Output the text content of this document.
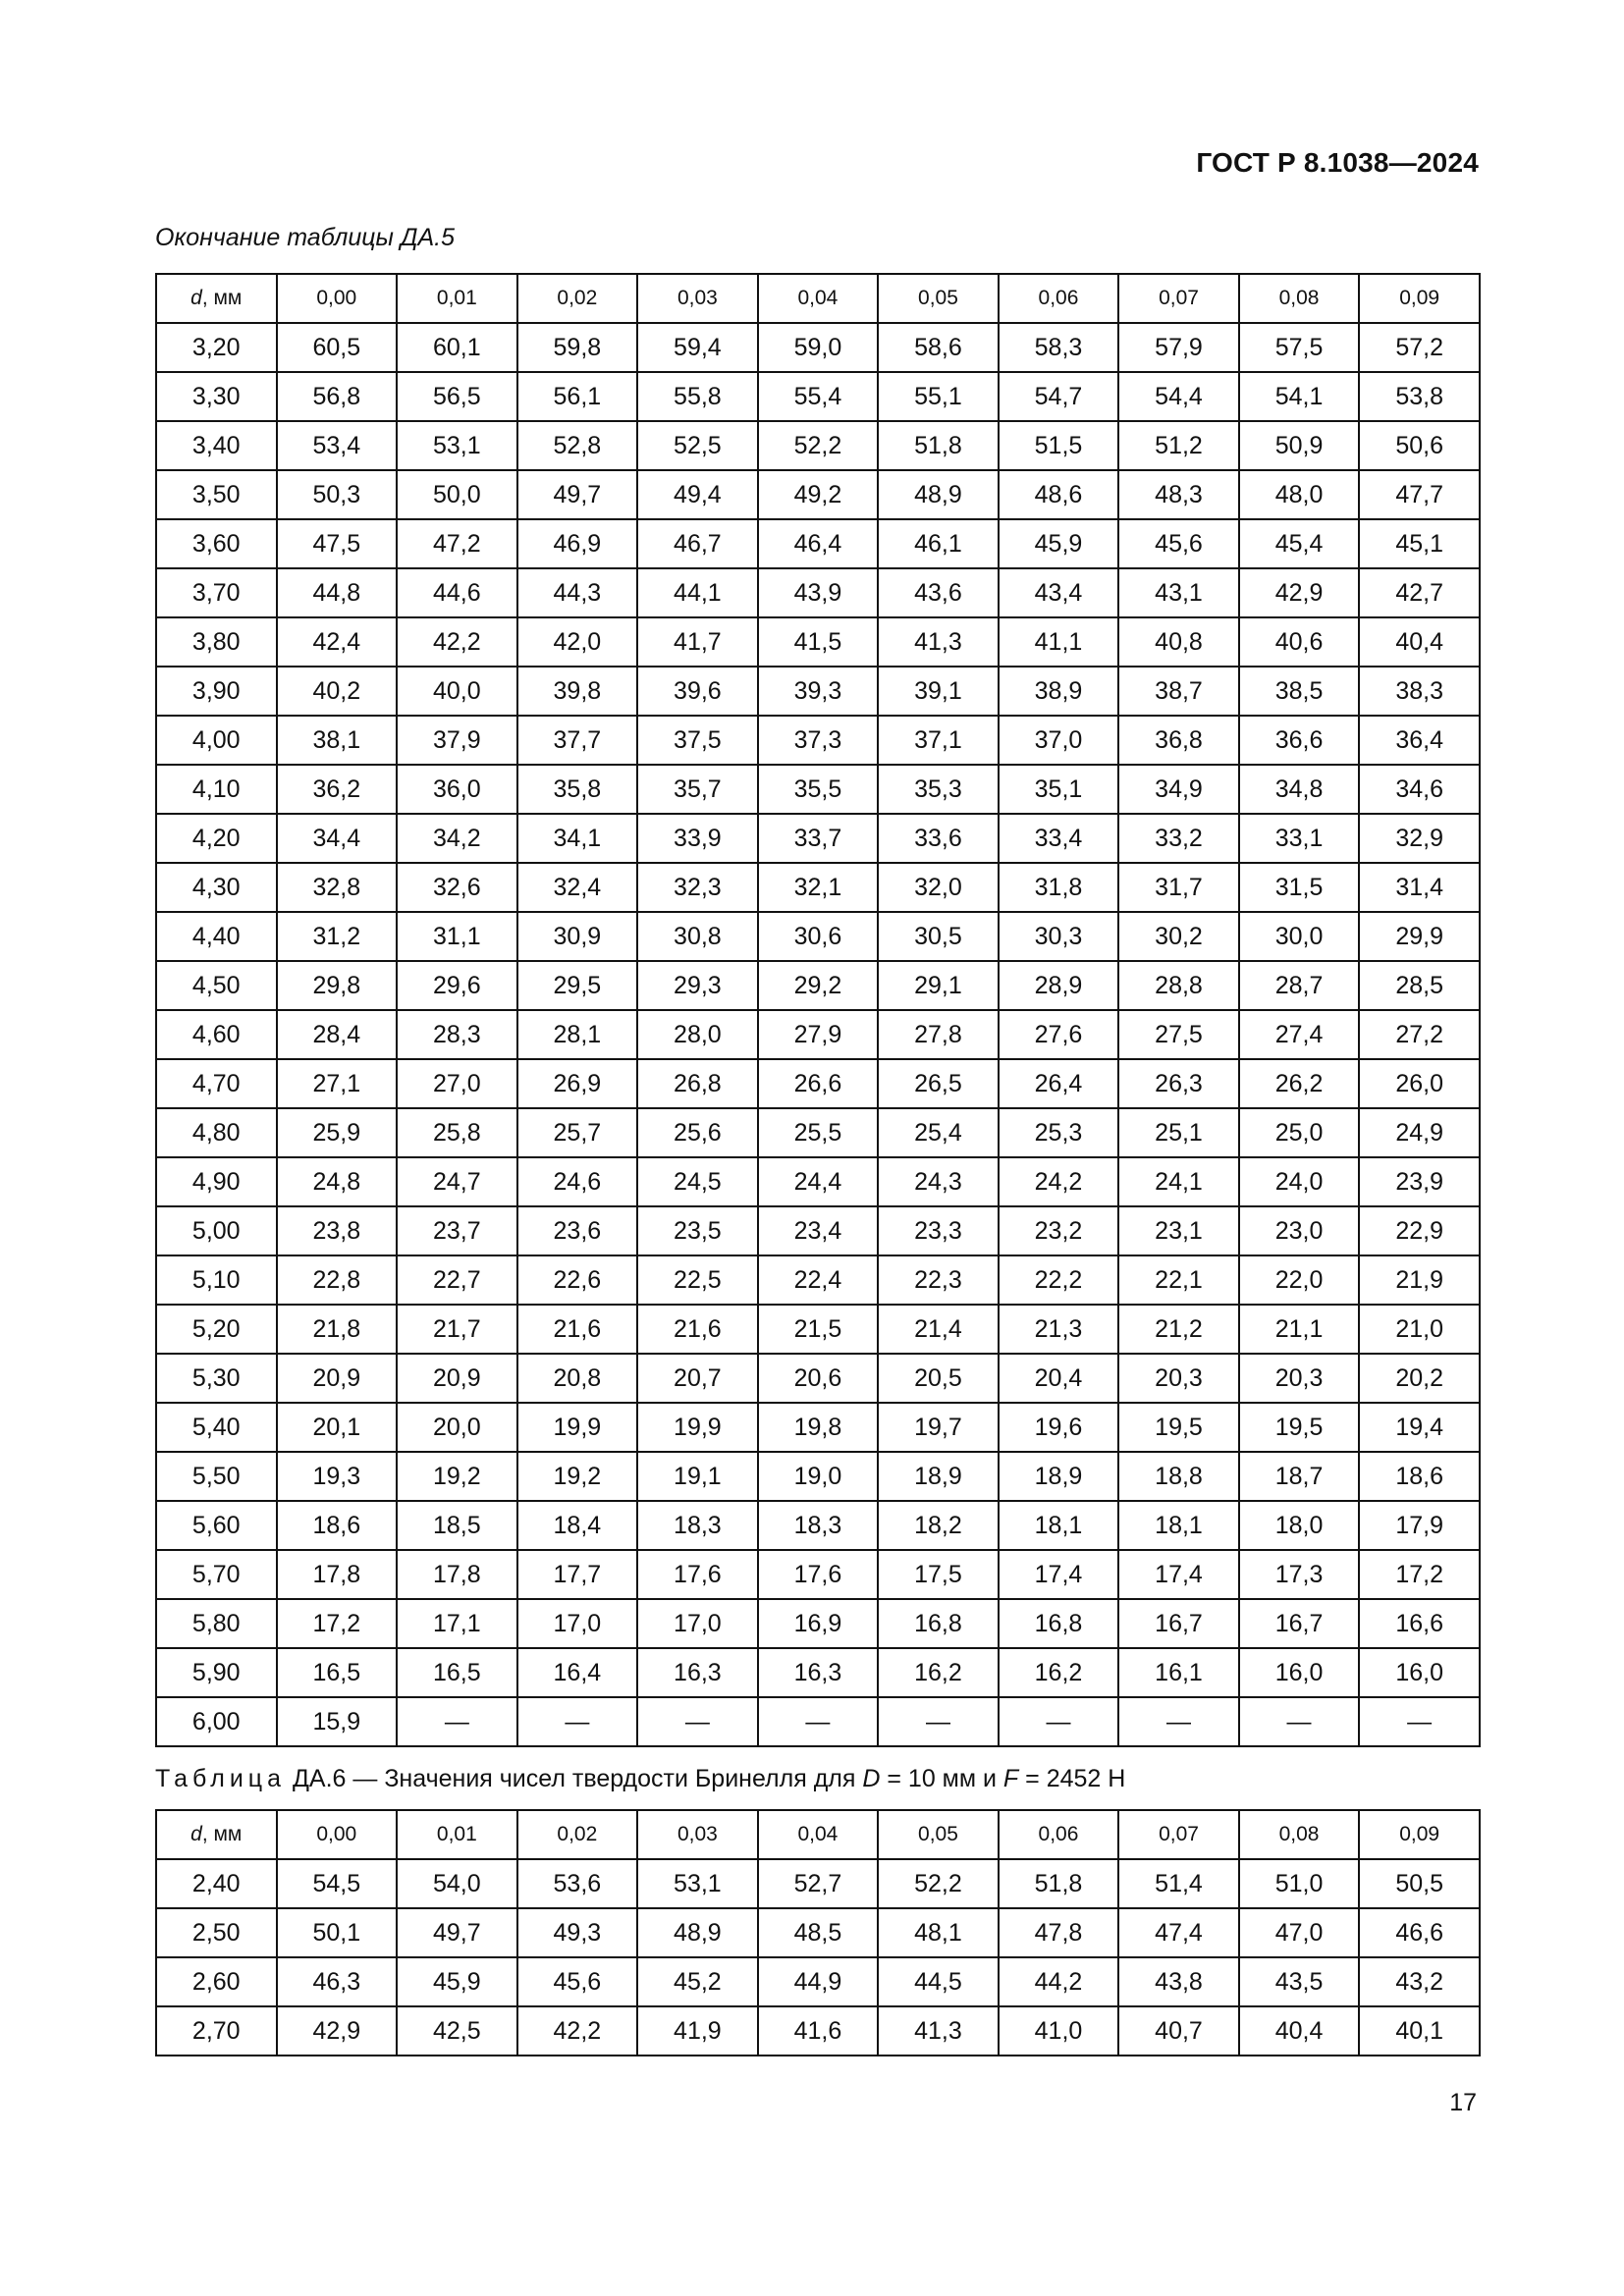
ГОСТ Р 8.1038—2024

Окончание таблицы ДА.5

d, мм	0,00	0,01	0,02	0,03	0,04	0,05	0,06	0,07	0,08	0,09
3,20	60,5	60,1	59,8	59,4	59,0	58,6	58,3	57,9	57,5	57,2
3,30	56,8	56,5	56,1	55,8	55,4	55,1	54,7	54,4	54,1	53,8
3,40	53,4	53,1	52,8	52,5	52,2	51,8	51,5	51,2	50,9	50,6
3,50	50,3	50,0	49,7	49,4	49,2	48,9	48,6	48,3	48,0	47,7
3,60	47,5	47,2	46,9	46,7	46,4	46,1	45,9	45,6	45,4	45,1
3,70	44,8	44,6	44,3	44,1	43,9	43,6	43,4	43,1	42,9	42,7
3,80	42,4	42,2	42,0	41,7	41,5	41,3	41,1	40,8	40,6	40,4
3,90	40,2	40,0	39,8	39,6	39,3	39,1	38,9	38,7	38,5	38,3
4,00	38,1	37,9	37,7	37,5	37,3	37,1	37,0	36,8	36,6	36,4
4,10	36,2	36,0	35,8	35,7	35,5	35,3	35,1	34,9	34,8	34,6
4,20	34,4	34,2	34,1	33,9	33,7	33,6	33,4	33,2	33,1	32,9
4,30	32,8	32,6	32,4	32,3	32,1	32,0	31,8	31,7	31,5	31,4
4,40	31,2	31,1	30,9	30,8	30,6	30,5	30,3	30,2	30,0	29,9
4,50	29,8	29,6	29,5	29,3	29,2	29,1	28,9	28,8	28,7	28,5
4,60	28,4	28,3	28,1	28,0	27,9	27,8	27,6	27,5	27,4	27,2
4,70	27,1	27,0	26,9	26,8	26,6	26,5	26,4	26,3	26,2	26,0
4,80	25,9	25,8	25,7	25,6	25,5	25,4	25,3	25,1	25,0	24,9
4,90	24,8	24,7	24,6	24,5	24,4	24,3	24,2	24,1	24,0	23,9
5,00	23,8	23,7	23,6	23,5	23,4	23,3	23,2	23,1	23,0	22,9
5,10	22,8	22,7	22,6	22,5	22,4	22,3	22,2	22,1	22,0	21,9
5,20	21,8	21,7	21,6	21,6	21,5	21,4	21,3	21,2	21,1	21,0
5,30	20,9	20,9	20,8	20,7	20,6	20,5	20,4	20,3	20,3	20,2
5,40	20,1	20,0	19,9	19,9	19,8	19,7	19,6	19,5	19,5	19,4
5,50	19,3	19,2	19,2	19,1	19,0	18,9	18,9	18,8	18,7	18,6
5,60	18,6	18,5	18,4	18,3	18,3	18,2	18,1	18,1	18,0	17,9
5,70	17,8	17,8	17,7	17,6	17,6	17,5	17,4	17,4	17,3	17,2
5,80	17,2	17,1	17,0	17,0	16,9	16,8	16,8	16,7	16,7	16,6
5,90	16,5	16,5	16,4	16,3	16,3	16,2	16,2	16,1	16,0	16,0
6,00	15,9	—	—	—	—	—	—	—	—	—

Таблица ДА.6 — Значения чисел твердости Бринелля для D = 10 мм и F = 2452 Н

d, мм	0,00	0,01	0,02	0,03	0,04	0,05	0,06	0,07	0,08	0,09
2,40	54,5	54,0	53,6	53,1	52,7	52,2	51,8	51,4	51,0	50,5
2,50	50,1	49,7	49,3	48,9	48,5	48,1	47,8	47,4	47,0	46,6
2,60	46,3	45,9	45,6	45,2	44,9	44,5	44,2	43,8	43,5	43,2
2,70	42,9	42,5	42,2	41,9	41,6	41,3	41,0	40,7	40,4	40,1

17
